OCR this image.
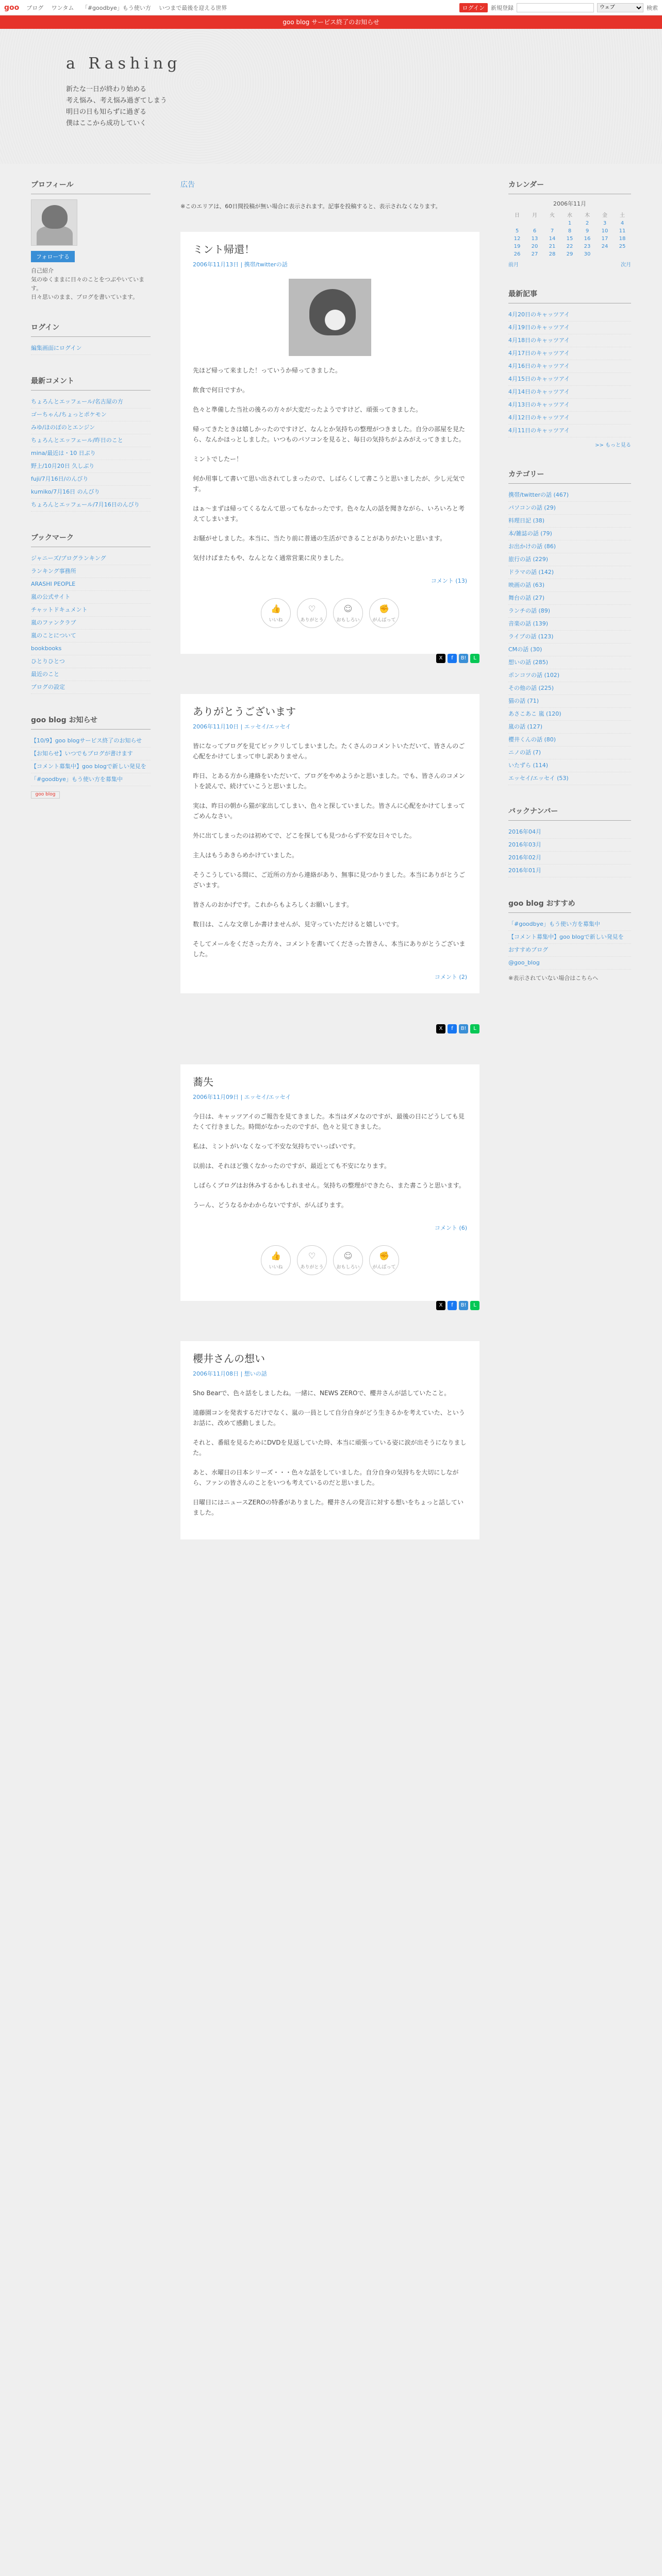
goo ブログ ワンタム 「#goodbye」もう使い方 いつまで最後を迎える世界	ログイン	新規登録
ウェブ	検索
goo blog サービス終了のお知らせ
a Rashing
新たな一日が終わり始める
考え悩み、考え悩み過ぎてしまう
明日の日も知らずに過ぎる
僕はここから成功していく
プロフィール
フォローする
自己紹介
気のゆくままに日々のことをつぶやいています。
日々思いのまま、ブログを書いています。
ログイン
編集画面にログイン
最新コメント
ちょろんとエッフェール/名古屋の方
ゴーちゃん/ちょっとポケモン
みゆ/ほのぼのとエンジン
ちょろんとエッフェール/昨日のこと
mina/最近は・10 日ぶり
野上/10月20日 久しぶり
fuji/7月16日/のんびり
kumiko/7月16日 のんびり
ちょろんとエッフェール/7月16日のんびり
ブックマーク
ジャニーズ/ブログランキング
ランキング事務所
ARASHI PEOPLE
嵐の公式サイト
チャットドキュメント
嵐のファンクラブ
嵐のことについて
bookbooks
ひとりひとつ
最近のこと
ブログの設定
goo blog お知らせ
【10/9】goo blogサービス終了のお知らせ
【お知らせ】いつでもブログが書けます
【コメント募集中】goo blogで新しい発見を
「#goodbye」もう使い方を募集中
goo blog
広告
※このエリアは、60日間投稿が無い場合に表示されます。記事を投稿すると、表示されなくなります。
ミント帰還！
2006年11月13日 | 携帯/twitterの話

先ほど帰って来ました！っていうか帰ってきました。

飲食で何日ですか。

色々と準備した当社の後ろの方々が大変だったようですけど、頑張ってきました。

帰ってきたときは嬉しかったのですけど、なんとか気持ちの整理がつきました。自分の部屋を見たら、なんかほっとしました。いつものパソコンを見ると、毎日の気持ちがよみがえってきました。

ミントでしたー！

何か用事して書いて思い出されてしまったので、しばらくして書こうと思いましたが、少し元気です。

はぁ〜まずは帰ってくるなんて思ってもなかったです。色々な人の話を聞きながら、いろいろと考えてしまいます。

お騒がせしました。本当に、当たり前に普通の生活ができることがありがたいと思います。

気付けばまたもや、なんとなく通常営業に戻りました。

コメント (13)
👍
いいね
♡
ありがとう
☺
おもしろい
✊
がんばって
X	f	B!	L
ありがとうございます
2006年11月10日 | エッセイ/エッセイ

皆になってブログを見てビックリしてしまいました。たくさんのコメントいただいて、皆さんのご心配をかけてしまって申し訳ありません。

昨日、とある方から連絡をいただいて、ブログをやめようかと思いました。でも、皆さんのコメントを読んで、続けていこうと思いました。

実は、昨日の朝から猫が家出してしまい、色々と探していました。皆さんに心配をかけてしまってごめんなさい。

外に出てしまったのは初めてで、どこを探しても見つからず不安な日々でした。

主人はもうあきらめかけていました。

そうこうしている間に、ご近所の方から連絡があり、無事に見つかりました。本当にありがとうございます。

皆さんのおかげです。これからもよろしくお願いします。

数日は、こんな文章しか書けませんが、見守っていただけると嬉しいです。

そしてメールをくださった方々、コメントを書いてくださった皆さん、本当にありがとうございました。

コメント (2)
X	f	B!	L
蕎失
2006年11月09日 | エッセイ/エッセイ

今日は、キャッツアイのご報告を見てきました。本当はダメなのですが、最後の日にどうしても見たくて行きました。時間がなかったのですが、色々と見てきました。

私は、ミントがいなくなって不安な気持ちでいっぱいです。

以前は、それほど強くなかったのですが、最近とても不安になります。

しばらくブログはお休みするかもしれません。気持ちの整理ができたら、また書こうと思います。

うーん、どうなるかわからないですが、がんばります。

コメント (6)
👍
いいね
♡
ありがとう
☺
おもしろい
✊
がんばって
X	f	B!	L
櫻井さんの想い
2006年11月08日 | 想いの話

Sho Bearで、色々話をしましたね。一緒に、NEWS ZEROで、櫻井さんが話していたこと。

遠藤園コンを発表するだけでなく、嵐の一員として自分自身がどう生きるかを考えていた、というお話に、改めて感動しました。

それと、番組を見るためにDVDを見返していた時、本当に頑張っている姿に涙が出そうになりました。

あと、水曜日の日本シリーズ・・・色々な話をしていました。自分自身の気持ちを大切にしながら、ファンの皆さんのことをいつも考えているのだと思いました。

日曜日にはニュースZEROの特番がありました。櫻井さんの発言に対する想いをちょっと話していました。

カレンダー
2006年11月
日	月	火	水	木	金	土
			1	2	3	4
5	6	7	8	9	10	11
12	13	14	15	16	17	18
19	20	21	22	23	24	25
26	27	28	29	30		
前月	次月
最新記事
4月20日のキャッツアイ
4月19日のキャッツアイ
4月18日のキャッツアイ
4月17日のキャッツアイ
4月16日のキャッツアイ
4月15日のキャッツアイ
4月14日のキャッツアイ
4月13日のキャッツアイ
4月12日のキャッツアイ
4月11日のキャッツアイ
>> もっと見る
カテゴリー
携帯/twitterの話 (467)
パソコンの話 (29)
料理日記 (38)
本/雑誌の話 (79)
お出かけの話 (86)
旅行の話 (229)
ドラマの話 (142)
映画の話 (63)
舞台の話 (27)
ランチの話 (89)
音楽の話 (139)
ライブの話 (123)
CMの話 (30)
想いの話 (285)
ポンコツの話 (102)
その他の話 (225)
猫の話 (71)
あさこあこ 嵐 (120)
嵐の話 (127)
櫻井くんの話 (80)
ニノの話 (7)
いたずら (114)
エッセイ/エッセイ (53)
バックナンバー
2016年04月
2016年03月
2016年02月
2016年01月
goo blog おすすめ
「#goodbye」もう使い方を募集中
【コメント募集中】goo blogで新しい発見を
おすすめブログ
@goo_blog
※表示されていない場合はこちらへ
